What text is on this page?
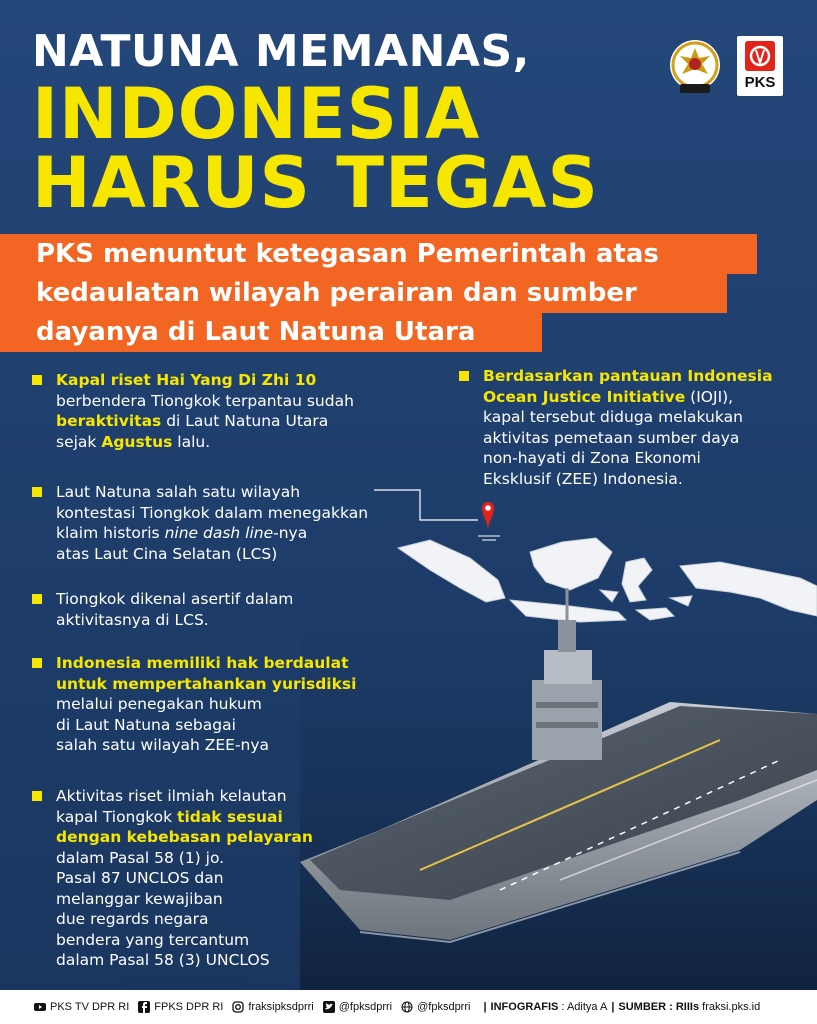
NATUNA MEMANAS,
INDONESIA
HARUS TEGAS
PKS
PKS menuntut ketegasan Pemerintah atas
kedaulatan wilayah perairan dan sumber
dayanya di Laut Natuna Utara

Kapal riset Hai Yang Di Zhi 10
berbendera Tiongkok terpantau sudah
beraktivitas di Laut Natuna Utara
sejak Agustus lalu.

Laut Natuna salah satu wilayah
kontestasi Tiongkok dalam menegakkan
klaim historis nine dash line-nya
atas Laut Cina Selatan (LCS)

Tiongkok dikenal asertif dalam
aktivitasnya di LCS.

Indonesia memiliki hak berdaulat
untuk mempertahankan yurisdiksi
melalui penegakan hukum
di Laut Natuna sebagai
salah satu wilayah ZEE-nya

Aktivitas riset ilmiah kelautan
kapal Tiongkok tidak sesuai
dengan kebebasan pelayaran
dalam Pasal 58 (1) jo.
Pasal 87 UNCLOS dan
melanggar kewajiban
due regards negara
bendera yang tercantum
dalam Pasal 58 (3) UNCLOS

Berdasarkan pantauan Indonesia
Ocean Justice Initiative (IOJI),
kapal tersebut diduga melakukan
aktivitas pemetaan sumber daya
non-hayati di Zona Ekonomi
Eksklusif (ZEE) Indonesia.

PKS TV DPR RI FPKS DPR RI fraksipksdprri @fpksdprri @fpksdprri | INFOGRAFIS
: Aditya A | SUMBER
: RIIIs
fraksi.pks.id
